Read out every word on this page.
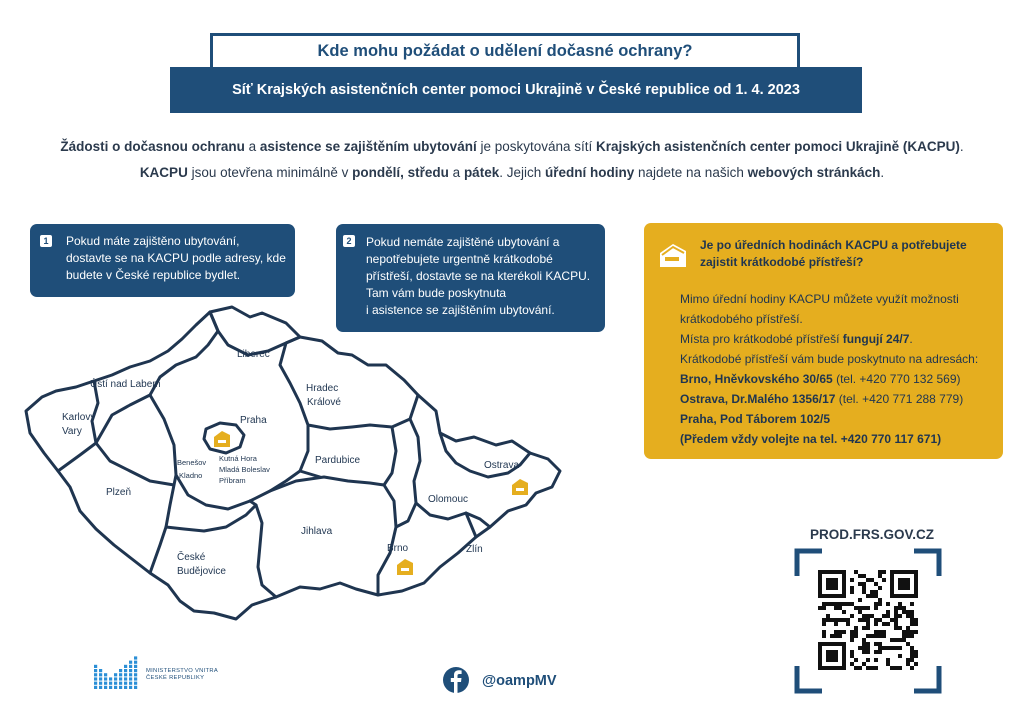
Kde mohu požádat o udělení dočasné ochrany?
Síť Krajských asistenčních center pomoci Ukrajině v České republice od 1. 4. 2023
Žádosti o dočasnou ochranu a asistence se zajištěním ubytování je poskytována sítí Krajských asistenčních center pomoci Ukrajině (KACPU).
KACPU jsou otevřena minimálně v pondělí, středu a pátek. Jejich úřední hodiny najdete na našich webových stránkách.
Liberec
Ústí nad Labem	Hradec
Králové
Karlovy
Vary
Praha
Benešov
Kladno
Kutná Hora
Mladá Boleslav
Příbram
Pardubice	Ostrava
Plzeň
Olomouc
Jihlava
Brno	Zlín
České
Budějovice
1 Pokud máte zajištěno ubytování,
dostavte se na KACPU podle adresy, kde
budete v České republice bydlet.
2 Pokud nemáte zajištěné ubytování a
nepotřebujete urgentně krátkodobé
přístřeší, dostavte se na kterékoli KACPU.
Tam vám bude poskytnuta
i asistence se zajištěním ubytování.
Je po úředních hodinách KACPU a potřebujete zajistit krátkodobé přístřeší?
Mimo úřední hodiny KACPU můžete využít možnosti
krátkodobého přístřeší.
Místa pro krátkodobé přístřeší fungují 24/7.
Krátkodobé přístřeší vám bude poskytnuto na adresách:
Brno, Hněvkovského 30/65 (tel. +420 770 132 569)
Ostrava, Dr.Malého 1356/17 (tel. +420 771 288 779)
Praha, Pod Táborem 102/5
(Předem vždy volejte na tel. +420 770 117 671)
PROD.FRS.GOV.CZ
MINISTERSTVO VNITRA
ČESKÉ REPUBLIKY	@oampMV
